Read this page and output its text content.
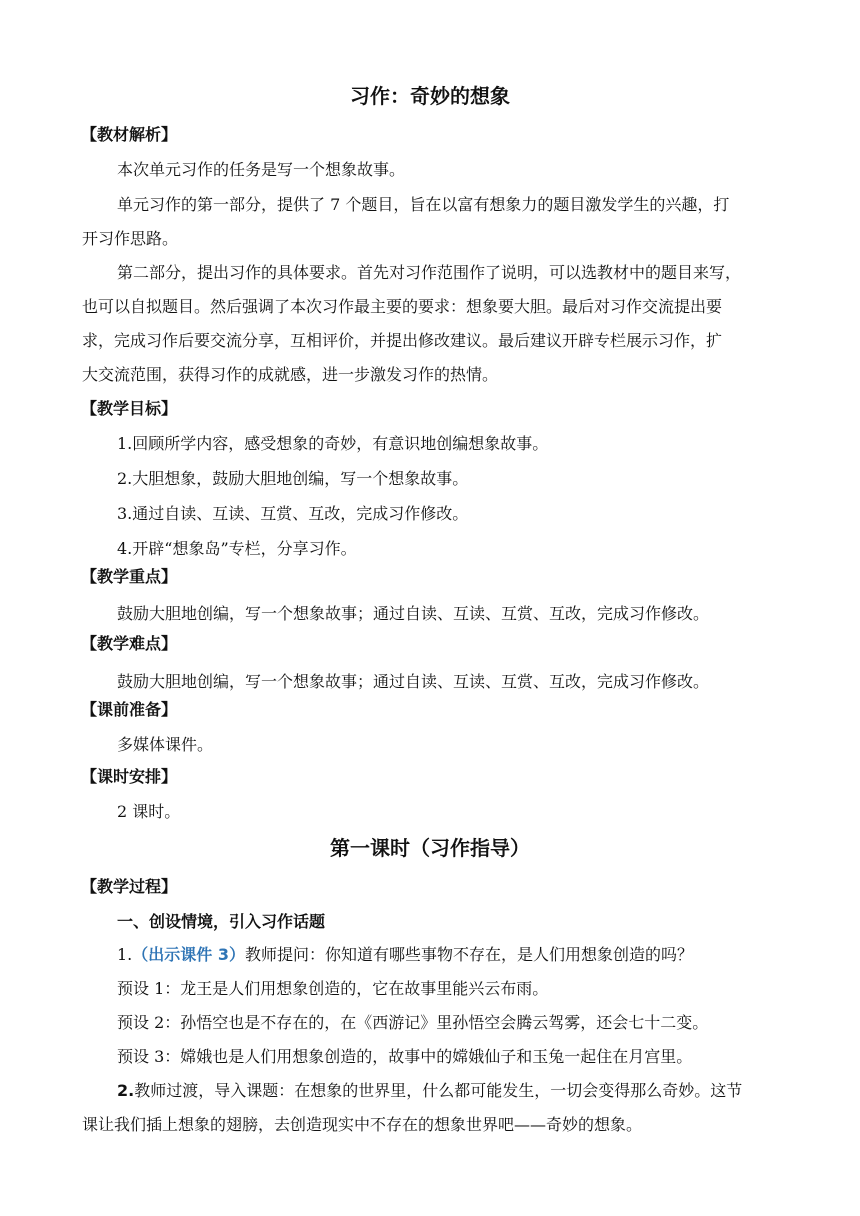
习作：奇妙的想象
【教材解析】
本次单元习作的任务是写一个想象故事。
单元习作的第一部分，提供了 7 个题目，旨在以富有想象力的题目激发学生的兴趣，打
开习作思路。
第二部分，提出习作的具体要求。首先对习作范围作了说明，可以选教材中的题目来写，
也可以自拟题目。然后强调了本次习作最主要的要求：想象要大胆。最后对习作交流提出要
求，完成习作后要交流分享，互相评价，并提出修改建议。最后建议开辟专栏展示习作，扩
大交流范围，获得习作的成就感，进一步激发习作的热情。
【教学目标】
1.回顾所学内容，感受想象的奇妙，有意识地创编想象故事。
2.大胆想象，鼓励大胆地创编，写一个想象故事。
3.通过自读、互读、互赏、互改，完成习作修改。
4.开辟“想象岛”专栏，分享习作。
【教学重点】
鼓励大胆地创编，写一个想象故事；通过自读、互读、互赏、互改，完成习作修改。
【教学难点】
鼓励大胆地创编，写一个想象故事；通过自读、互读、互赏、互改，完成习作修改。
【课前准备】
多媒体课件。
【课时安排】
2 课时。
第一课时（习作指导）
【教学过程】
一、创设情境，引入习作话题
1.（出示课件 3）教师提问：你知道有哪些事物不存在，是人们用想象创造的吗？
预设 1：龙王是人们用想象创造的，它在故事里能兴云布雨。
预设 2：孙悟空也是不存在的，在《西游记》里孙悟空会腾云驾雾，还会七十二变。
预设 3：嫦娥也是人们用想象创造的，故事中的嫦娥仙子和玉兔一起住在月宫里。
2.教师过渡，导入课题：在想象的世界里，什么都可能发生，一切会变得那么奇妙。这节
课让我们插上想象的翅膀，去创造现实中不存在的想象世界吧——奇妙的想象。
